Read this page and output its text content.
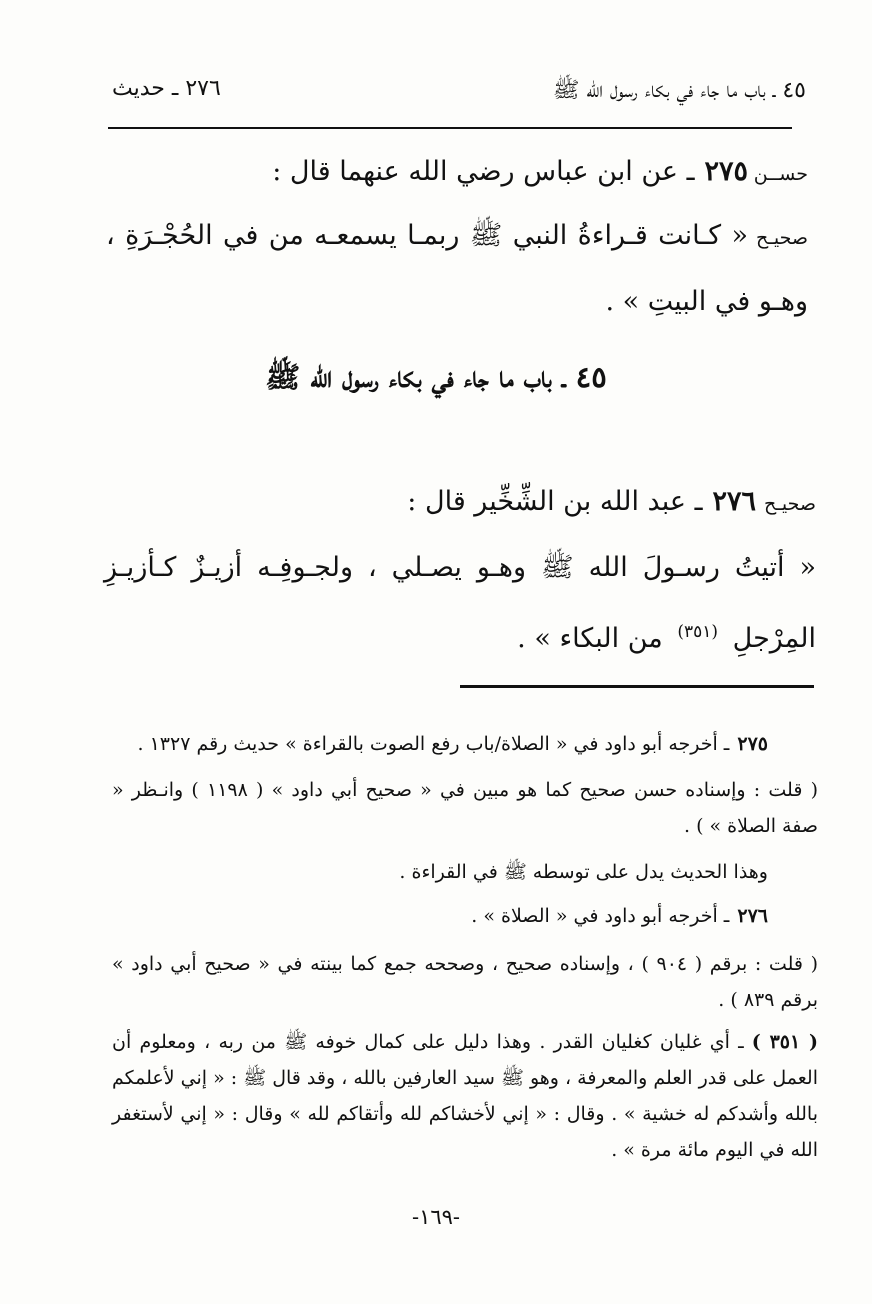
٤٥ ـ باب ما جاء في بكاء رسول الله ﷺ
٢٧٦ ـ حديث
حســن٢٧٥ـ عن ابن عباس رضي الله عنهما قال :
صحيـح« كـانت قـراءةُ النبي ﷺ ربمـا يسمعـه من في الحُجْـرَةِ ، وهـو في البيتِ » .
٤٥ ـ باب ما جاء في بكاء رسول الله ﷺ
صحيـح٢٧٦ـ عبد الله بن الشِّخِّير قال :
« أتيتُ رسـولَ الله ﷺ وهـو يصـلي ، ولجـوفِـه أزيـزٌ كـأزيـزِ المِرْجلِ $^{(٣٥١)}$ من البكاء » .
٢٧٥ـ أخرجه أبو داود في « الصلاة/باب رفع الصوت بالقراءة » حديث رقم ١٣٢٧ .
( قلت : وإسناده حسن صحيح كما هو مبين في « صحيح أبي داود » ( ١١٩٨ ) وانـظر « صفة الصلاة » ) .
وهذا الحديث يدل على توسطه ﷺ في القراءة .
٢٧٦ـ أخرجه أبو داود في « الصلاة » .
( قلت : برقم ( ٩٠٤ ) ، وإسناده صحيح ، وصححه جمع كما بينته في « صحيح أبي داود » برقم ٨٣٩ ) .
( ٣٥١ )ـ أي غليان كغليان القدر . وهذا دليل على كمال خوفه ﷺ من ربه ، ومعلوم أن العمل على قدر العلم والمعرفة ، وهو ﷺ سيد العارفين بالله ، وقد قال ﷺ : « إني لأعلمكم بالله وأشدكم له خشية » . وقال : « إني لأخشاكم لله وأتقاكم لله » وقال : « إني لأستغفر الله في اليوم مائة مرة » .
-١٦٩-
